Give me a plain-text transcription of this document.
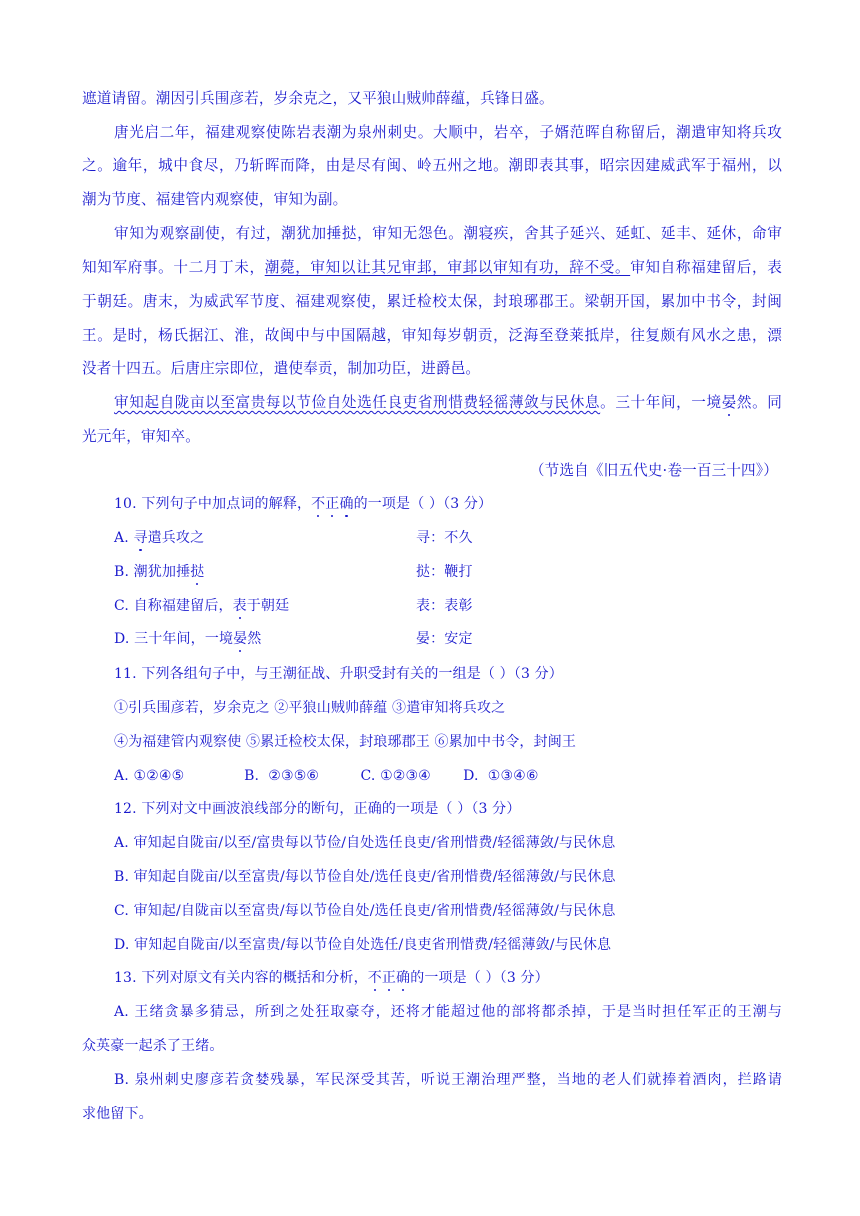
遮道请留。潮因引兵围彦若，岁余克之，又平狼山贼帅薛蕴，兵锋日盛。
唐光启二年，福建观察使陈岩表潮为泉州刺史。大顺中，岩卒，子婿范晖自称留后，潮遣审知将兵攻
之。逾年，城中食尽，乃斩晖而降，由是尽有闽、岭五州之地。潮即表其事，昭宗因建威武军于福州，以
潮为节度、福建管内观察使，审知为副。
审知为观察副使，有过，潮犹加捶挞，审知无怨色。潮寝疾，舍其子延兴、延虹、延丰、延休，命审
知知军府事。十二月丁未，潮薨，审知以让其兄审邽，审邽以审知有功，辞不受。审知自称福建留后，表
于朝廷。唐末，为威武军节度、福建观察使，累迁检校太保，封琅琊郡王。梁朝开国，累加中书令，封闽
王。是时，杨氏据江、淮，故闽中与中国隔越，审知每岁朝贡，泛海至登莱抵岸，往复颇有风水之患，漂
没者十四五。后唐庄宗即位，遣使奉贡，制加功臣，进爵邑。
审知起自陇亩以至富贵每以节俭自处选任良吏省刑惜费轻徭薄敛与民休息。三十年间，一境晏然。同
光元年，审知卒。
（节选自《旧五代史·卷一百三十四》）
10. 下列句子中加点词的解释，不正确的一项是（ ）（3 分）
A. 寻遣兵攻之	寻：不久
B. 潮犹加捶挞	挞：鞭打
C. 自称福建留后，表于朝廷	表：表彰
D. 三十年间，一境晏然	晏：安定
11. 下列各组句子中，与王潮征战、升职受封有关的一组是（ ）（3 分）
①引兵围彦若，岁余克之 ②平狼山贼帅薛蕴 ③遣审知将兵攻之
④为福建管内观察使 ⑤累迁检校太保，封琅琊郡王 ⑥累加中书令，封闽王
A. ①②④⑤             B.  ②③⑤⑥         C. ①②③④       D.  ①③④⑥
12. 下列对文中画波浪线部分的断句，正确的一项是（ ）（3 分）
A. 审知起自陇亩/以至/富贵每以节俭/自处选任良吏/省刑惜费/轻徭薄敛/与民休息
B. 审知起自陇亩/以至富贵/每以节俭自处/选任良吏/省刑惜费/轻徭薄敛/与民休息
C. 审知起/自陇亩以至富贵/每以节俭自处/选任良吏/省刑惜费/轻徭薄敛/与民休息
D. 审知起自陇亩/以至富贵/每以节俭自处选任/良吏省刑惜费/轻徭薄敛/与民休息
13. 下列对原文有关内容的概括和分析，不正确的一项是（ ）（3 分）
A. 王绪贪暴多猜忌，所到之处狂取豪夺，还将才能超过他的部将都杀掉，于是当时担任军正的王潮与
众英豪一起杀了王绪。
B. 泉州刺史廖彦若贪婪残暴，军民深受其苦，听说王潮治理严整，当地的老人们就捧着酒肉，拦路请
求他留下。
